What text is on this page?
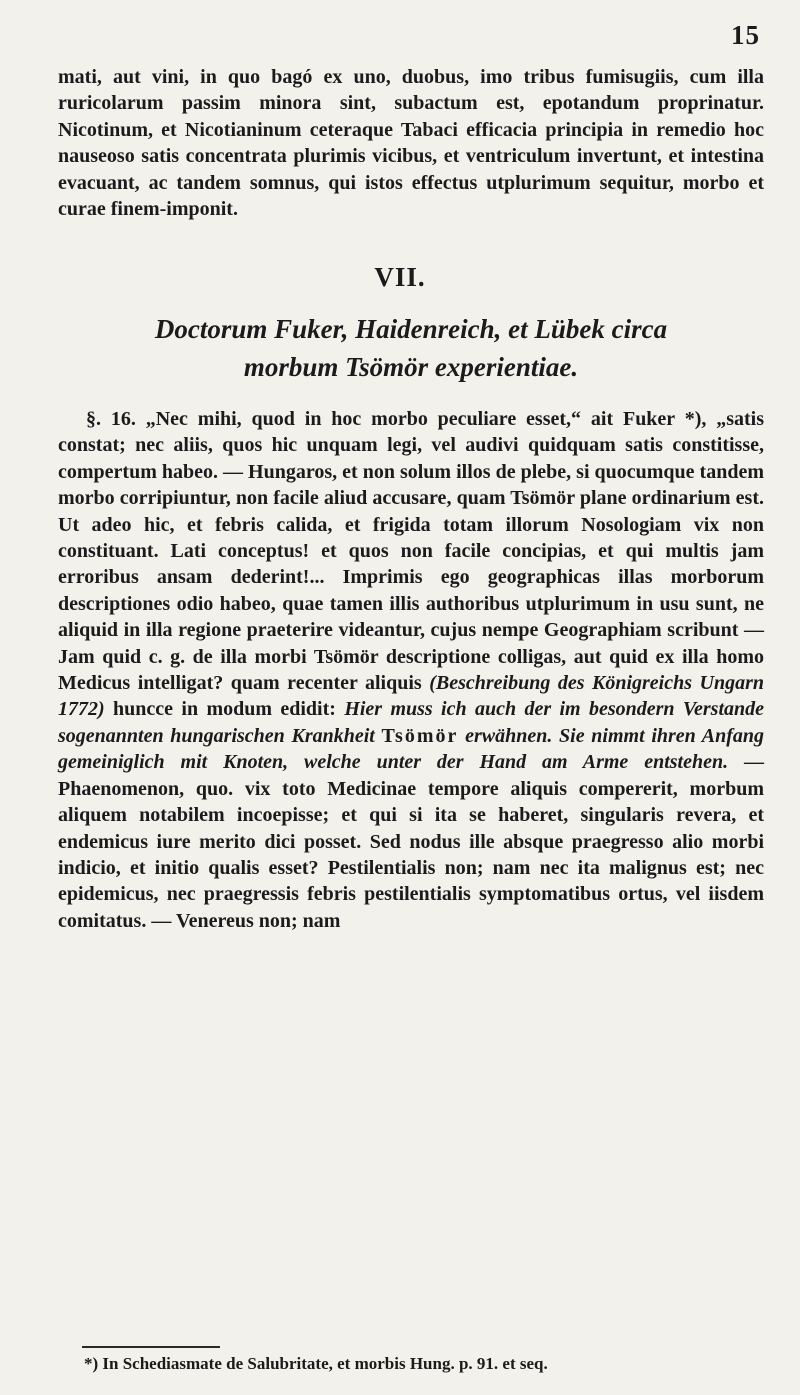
15
mati, aut vini, in quo bagó ex uno, duobus, imo tribus fumisugiis, cum illa ruricolarum passim minora sint, subactum est, epotandum proprinatur. Nicotinum, et Nicotianinum ceteraque Tabaci efficacia principia in remedio hoc nauseoso satis concentrata plurimis vicibus, et ventriculum invertunt, et intestina evacuant, ac tandem somnus, qui istos effectus utplurimum sequitur, morbo et curae finem-imponit.
VII.
Doctorum Fuker, Haidenreich, et Lübek circa
morbum Tsömör experientiae.

§. 16. „Nec mihi, quod in hoc morbo peculiare esset,“ ait Fuker *), „satis constat; nec aliis, quos hic unquam legi, vel audivi quidquam satis constitisse, compertum habeo. — Hungaros, et non solum illos de plebe, si quocumque tandem morbo corripiuntur, non facile aliud accusare, quam Tsömör plane ordinarium est. Ut adeo hic, et febris calida, et frigida totam illorum Nosologiam vix non constituant. Lati conceptus! et quos non facile concipias, et qui multis jam erroribus ansam dederint!... Imprimis ego geographicas illas morborum descriptiones odio habeo, quae tamen illis authoribus utplurimum in usu sunt, ne aliquid in illa regione praeterire videantur, cujus nempe Geographiam scribunt — Jam quid c. g. de illa morbi Tsömör descriptione colligas, aut quid ex illa homo Medicus intelligat? quam recenter aliquis (Beschreibung des Königreichs Ungarn 1772) huncce in modum edidit: Hier muss ich auch der im besondern Verstande sogenannten hungarischen Krankheit Tsömör erwähnen. Sie nimmt ihren Anfang gemeiniglich mit Knoten, welche unter der Hand am Arme entstehen. — Phaenomenon, quo. vix toto Medicinae tempore aliquis compererit, morbum aliquem notabilem incoepisse; et qui si ita se haberet, singularis revera, et endemicus iure merito dici posset. Sed nodus ille absque praegresso alio morbi indicio, et initio qualis esset? Pestilentialis non; nam nec ita malignus est; nec epidemicus, nec praegressis febris pestilentialis symptomatibus ortus, vel iisdem comitatus. — Venereus non; nam

*) In Schediasmate de Salubritate, et morbis Hung. p. 91. et seq.
